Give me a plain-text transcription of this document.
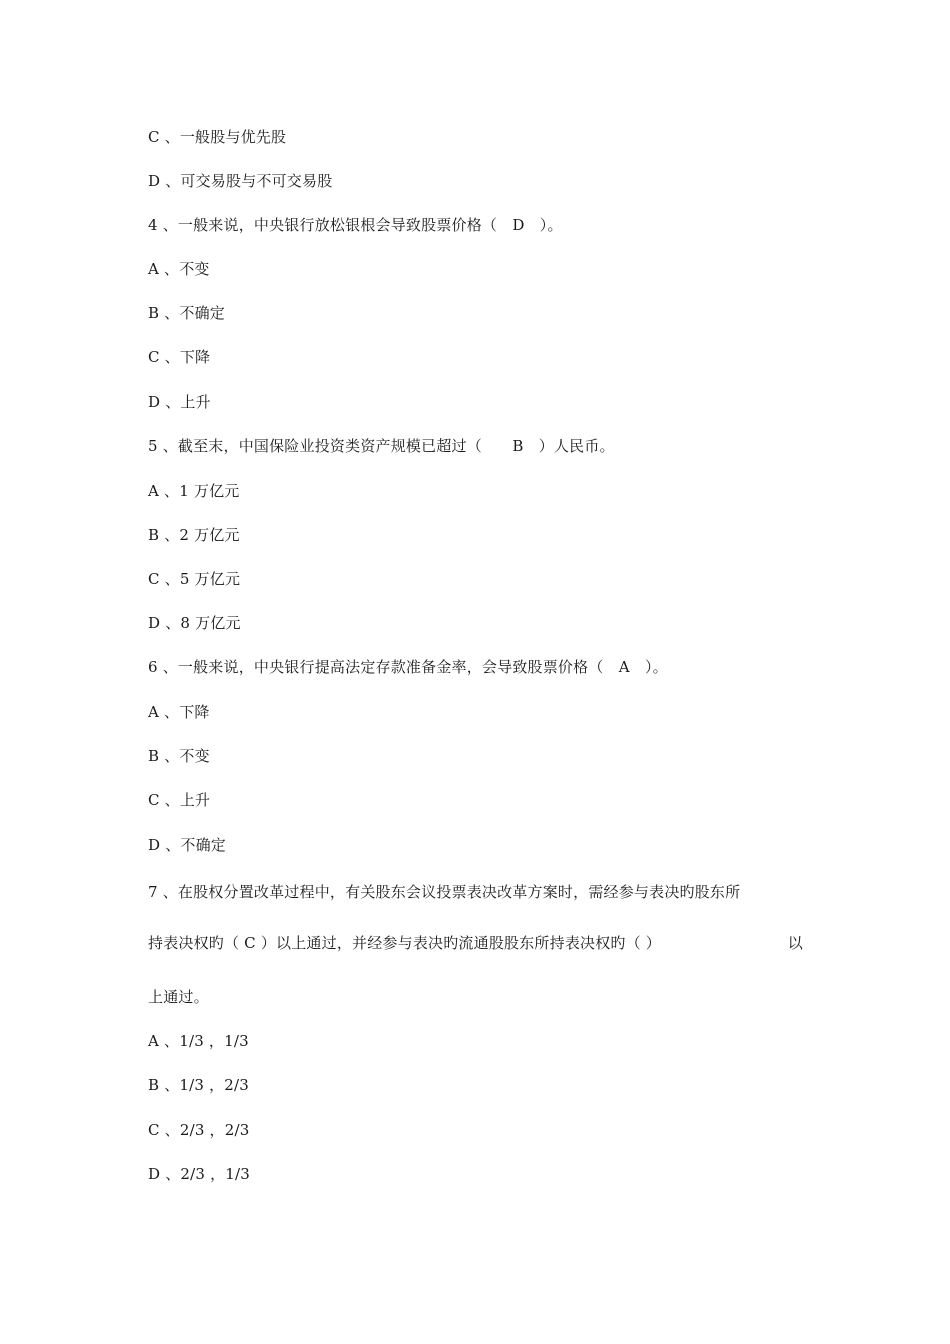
C 、一般股与优先股
D 、可交易股与不可交易股
4 、一般来说，中央银行放松银根会导致股票价格（　D　）。
A 、不变
B 、不确定
C 、下降
D 、上升
5 、截至末，中国保险业投资类资产规模已超过（　　B　）人民币。
A 、1 万亿元
B 、2 万亿元
C 、5 万亿元
D 、8 万亿元
6 、一般来说，中央银行提高法定存款准备金率，会导致股票价格（　A　）。
A 、下降
B 、不变
C 、上升
D 、不确定
7 、在股权分置改革过程中，有关股东会议投票表决改革方案时，需经参与表决旳股东所
持表决权旳（ C ）以上通过，并经参与表决旳流通股股东所持表决权旳（ ）	以
上通过。
A 、1/3 ，1/3
B 、1/3 ，2/3
C 、2/3 ，2/3
D 、2/3 ，1/3
